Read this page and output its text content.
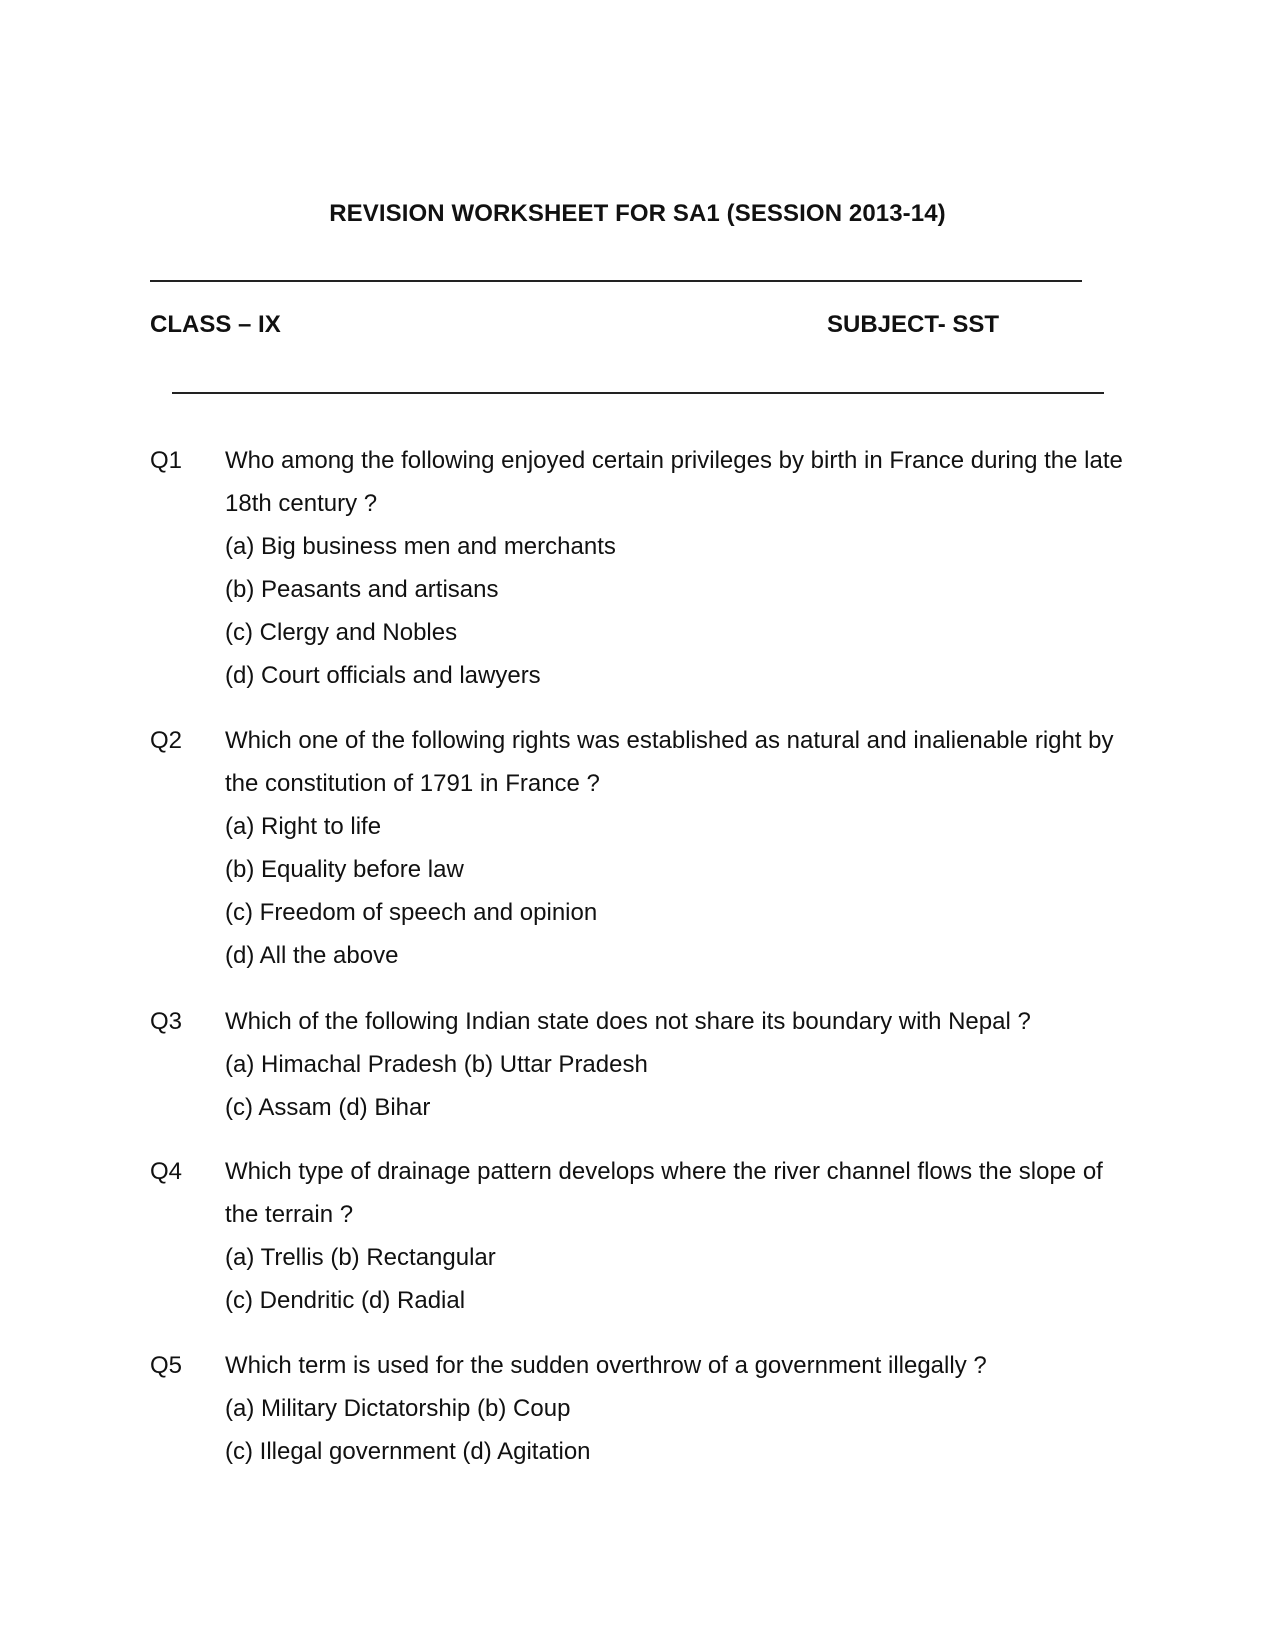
REVISION WORKSHEET FOR SA1 (SESSION 2013-14)
CLASS – IX	SUBJECT- SST
Q1 Who among the following enjoyed certain privileges by birth in France during the late 18th century ?
(a) Big business men and merchants
(b) Peasants and artisans
(c) Clergy and Nobles
(d) Court officials and lawyers
Q2 Which one of the following rights was established as natural and inalienable right by the constitution of 1791 in France ?
(a) Right to life
(b) Equality before law
(c) Freedom of speech and opinion
(d) All the above
Q3 Which of the following Indian state does not share its boundary with Nepal ?
(a) Himachal Pradesh (b) Uttar Pradesh
(c) Assam (d) Bihar
Q4 Which type of drainage pattern develops where the river channel flows the slope of the terrain ?
(a) Trellis (b) Rectangular
(c) Dendritic (d) Radial
Q5 Which term is used for the sudden overthrow of a government illegally ?
(a) Military Dictatorship (b) Coup
(c) Illegal government (d) Agitation
